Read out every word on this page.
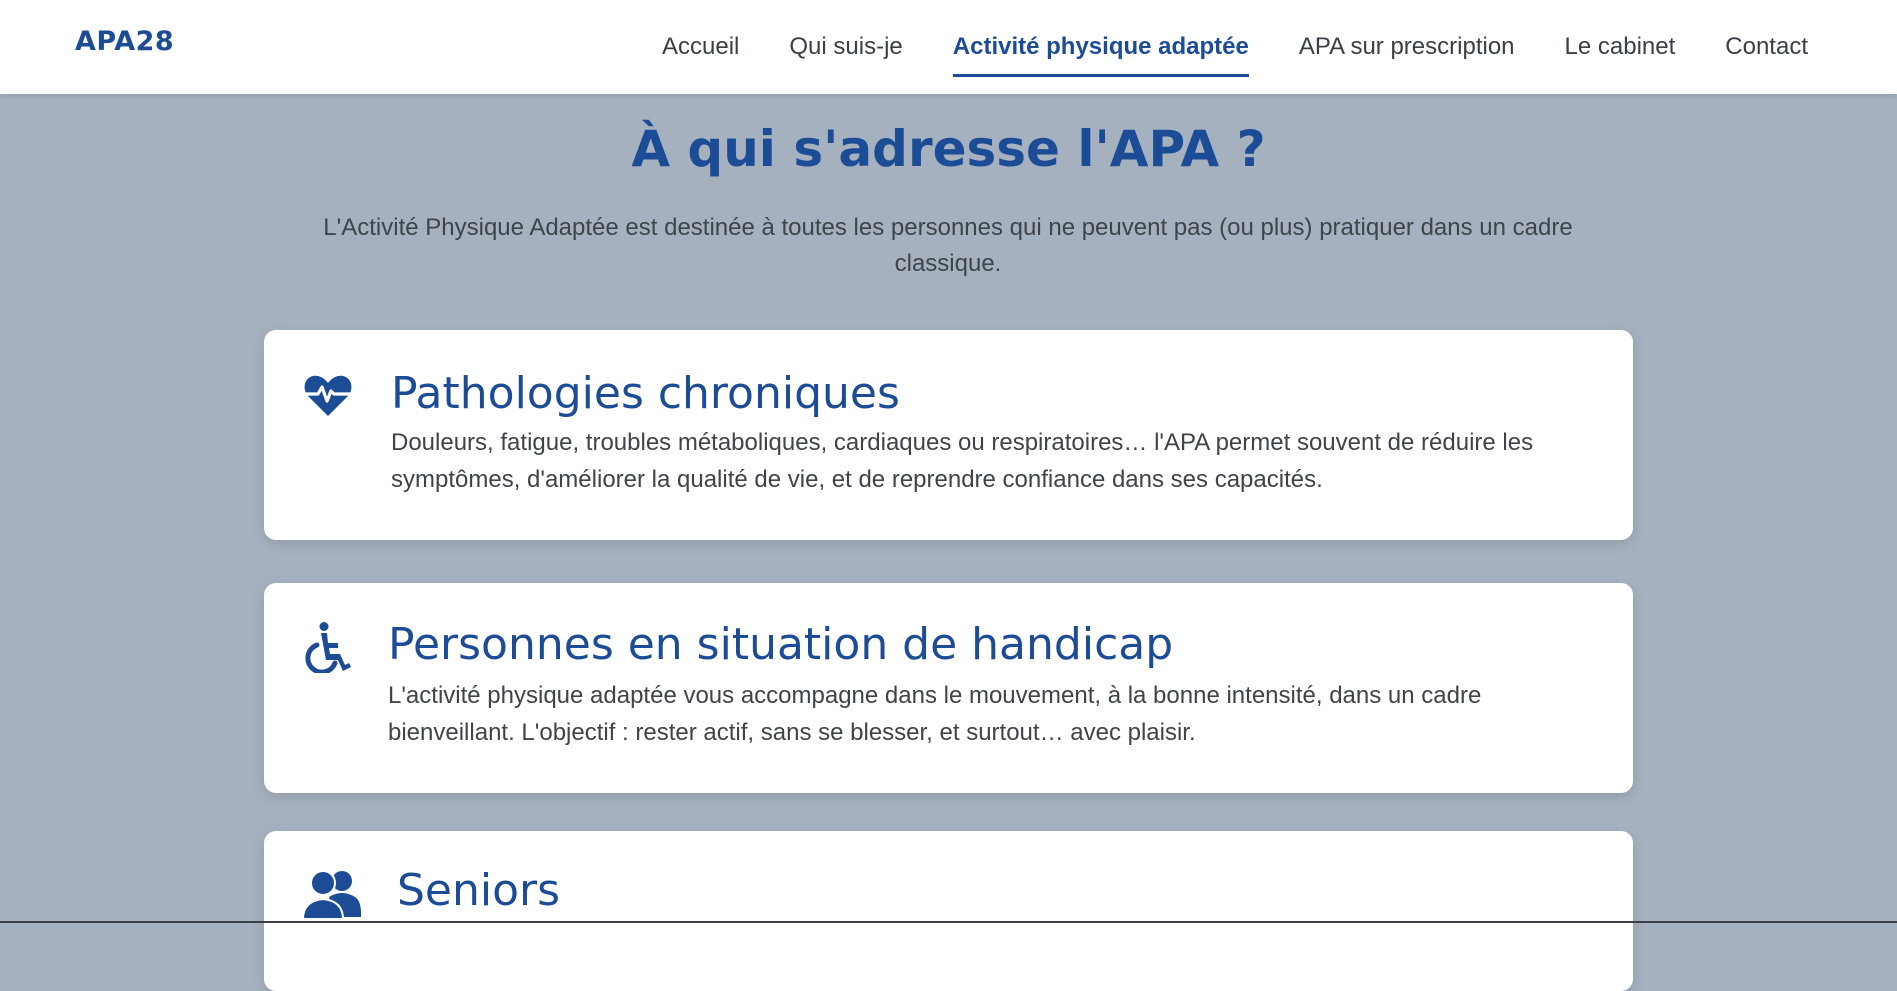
APA28	Accueil Qui suis-je Activité physique adaptée APA sur prescription Le cabinet Contact
À qui s'adresse l'APA ?

L'Activité Physique Adaptée est destinée à toutes les personnes qui ne peuvent pas (ou plus) pratiquer dans un cadre classique.

Pathologies chroniques

Douleurs, fatigue, troubles métaboliques, cardiaques ou respiratoires… l'APA permet souvent de réduire les symptômes, d'améliorer la qualité de vie, et de reprendre confiance dans ses capacités.

Personnes en situation de handicap

L'activité physique adaptée vous accompagne dans le mouvement, à la bonne intensité, dans un cadre bienveillant. L'objectif : rester actif, sans se blesser, et surtout… avec plaisir.

Seniors
